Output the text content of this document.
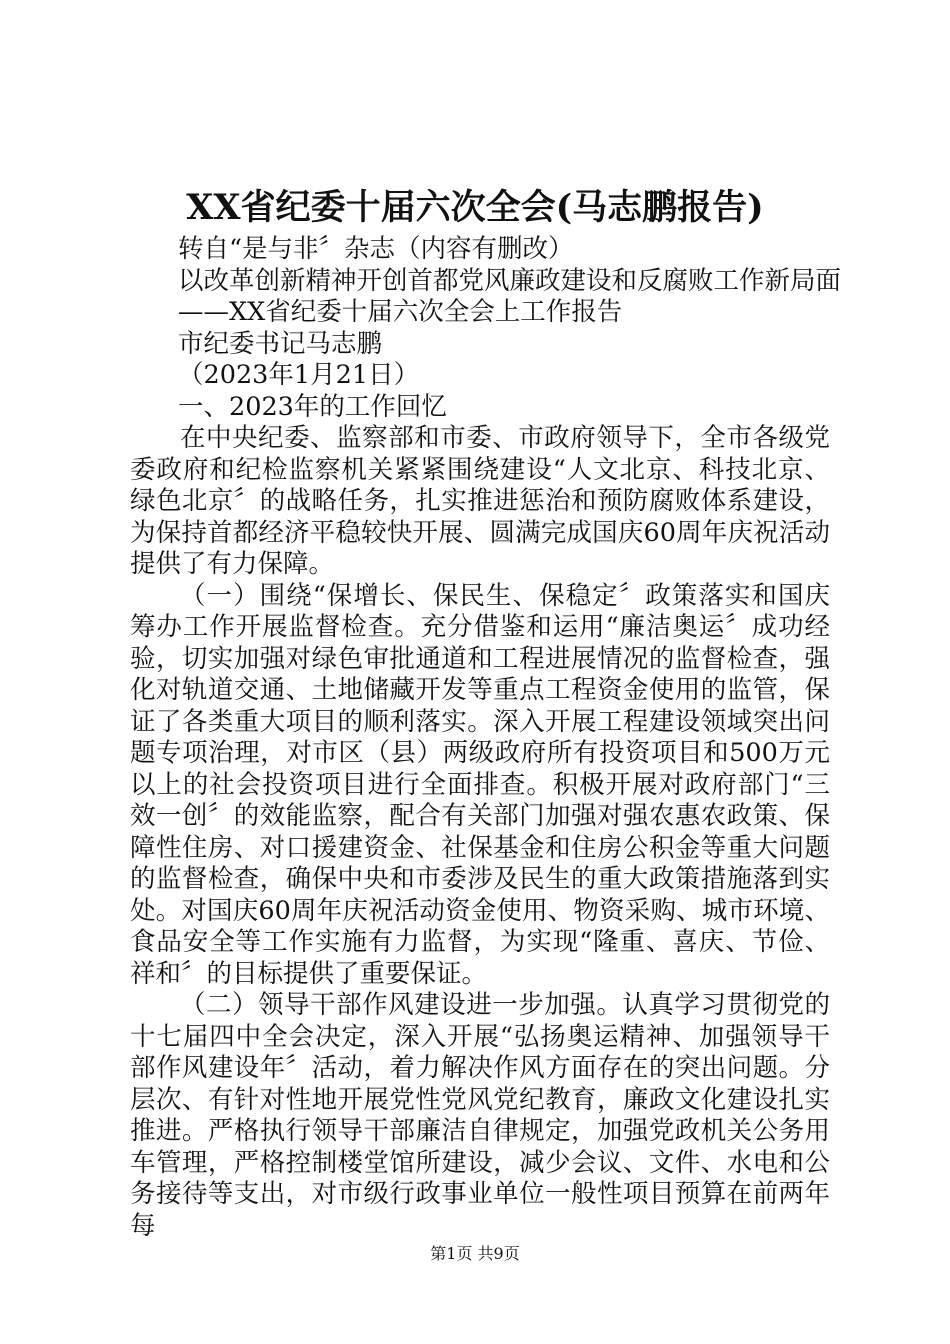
XX省纪委十届六次全会(马志鹏报告)
转自“是与非〞杂志（内容有删改）
以改革创新精神开创首都党风廉政建设和反腐败工作新局面
——XX省纪委十届六次全会上工作报告
市纪委书记马志鹏
（2023年1月21日）
一、2023年的工作回忆

在中央纪委、监察部和市委、市政府领导下，全市各级党委政府和纪检监察机关紧紧围绕建设“人文北京、科技北京、绿色北京〞的战略任务，扎实推进惩治和预防腐败体系建设，为保持首都经济平稳较快开展、圆满完成国庆60周年庆祝活动提供了有力保障。

（一）围绕“保增长、保民生、保稳定〞政策落实和国庆筹办工作开展监督检查。充分借鉴和运用“廉洁奥运〞成功经验，切实加强对绿色审批通道和工程进展情况的监督检查，强化对轨道交通、土地储藏开发等重点工程资金使用的监管，保证了各类重大项目的顺利落实。深入开展工程建设领域突出问题专项治理，对市区（县）两级政府所有投资项目和500万元以上的社会投资项目进行全面排查。积极开展对政府部门“三效一创〞的效能监察，配合有关部门加强对强农惠农政策、保障性住房、对口援建资金、社保基金和住房公积金等重大问题的监督检查，确保中央和市委涉及民生的重大政策措施落到实处。对国庆60周年庆祝活动资金使用、物资采购、城市环境、食品安全等工作实施有力监督，为实现“隆重、喜庆、节俭、祥和〞的目标提供了重要保证。

（二）领导干部作风建设进一步加强。认真学习贯彻党的十七届四中全会决定，深入开展“弘扬奥运精神、加强领导干部作风建设年〞活动，着力解决作风方面存在的突出问题。分层次、有针对性地开展党性党风党纪教育，廉政文化建设扎实推进。严格执行领导干部廉洁自律规定，加强党政机关公务用车管理，严格控制楼堂馆所建设，减少会议、文件、水电和公务接待等支出，对市级行政事业单位一般性项目预算在前两年每

第1页 共9页
